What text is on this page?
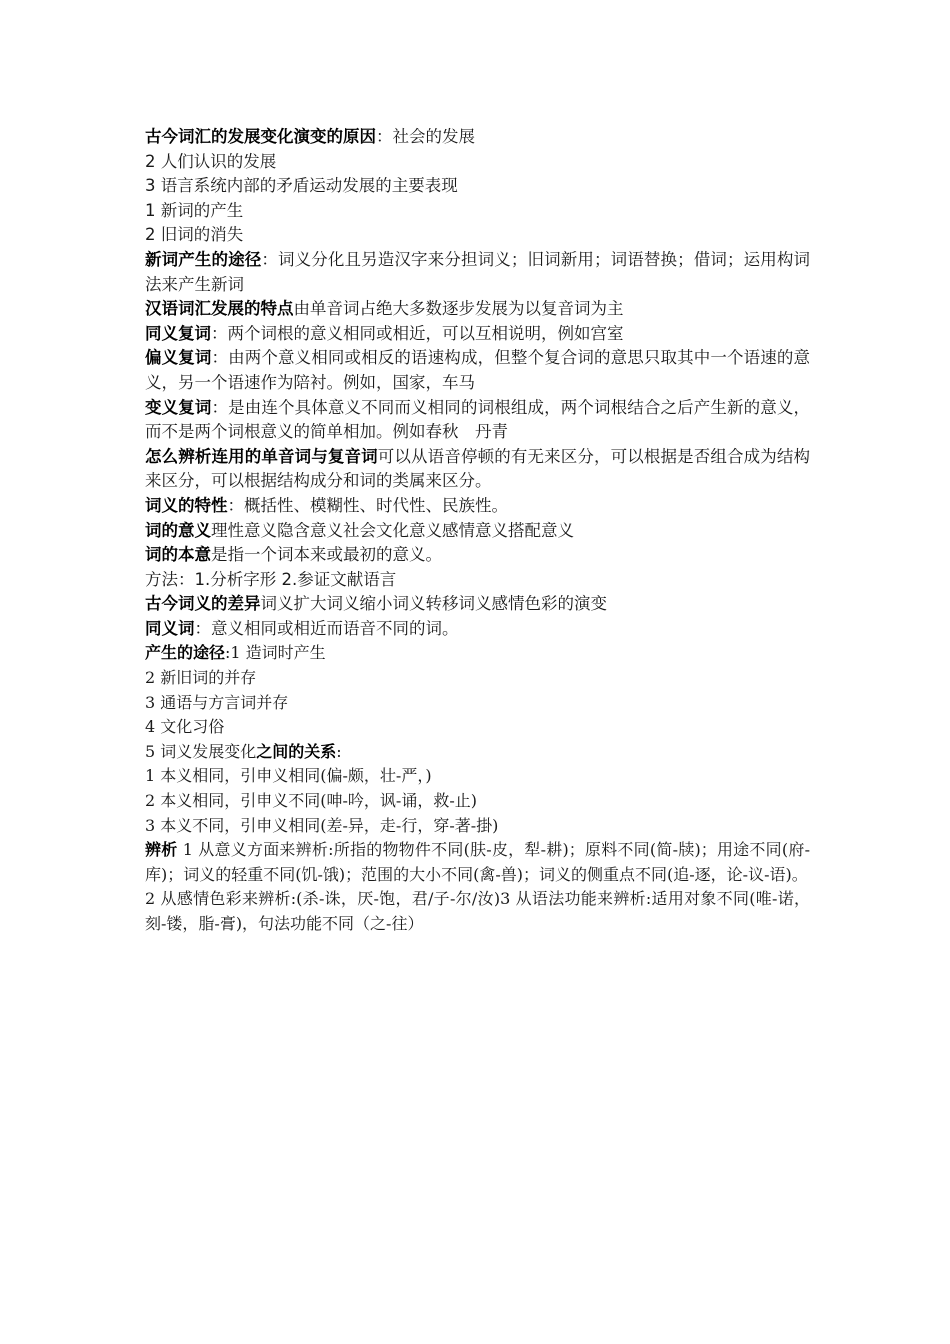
古今词汇的发展变化演变的原因：社会的发展

2 人们认识的发展

3 语言系统内部的矛盾运动发展的主要表现

1 新词的产生

2 旧词的消失

新词产生的途径：词义分化且另造汉字来分担词义；旧词新用；词语替换；借词；运用构词法来产生新词

汉语词汇发展的特点由单音词占绝大多数逐步发展为以复音词为主

同义复词：两个词根的意义相同或相近，可以互相说明，例如宫室

偏义复词：由两个意义相同或相反的语速构成，但整个复合词的意思只取其中一个语速的意义，另一个语速作为陪衬。例如，国家，车马

变义复词：是由连个具体意义不同而义相同的词根组成，两个词根结合之后产生新的意义，而不是两个词根意义的简单相加。例如春秋　丹青

怎么辨析连用的单音词与复音词可以从语音停顿的有无来区分，可以根据是否组合成为结构来区分，可以根据结构成分和词的类属来区分。

词义的特性：概括性、模糊性、时代性、民族性。

词的意义理性意义隐含意义社会文化意义感情意义搭配意义

词的本意是指一个词本来或最初的意义。

方法：1.分析字形 2.参证文献语言

古今词义的差异词义扩大词义缩小词义转移词义感情色彩的演变

同义词：意义相同或相近而语音不同的词。

产生的途径:1 造词时产生

2 新旧词的并存

3 通语与方言词并存

4 文化习俗

5 词义发展变化之间的关系:

1 本义相同，引申义相同(偏-颇，壮-严，)

2 本义相同，引申义不同(呻-吟，讽-诵，救-止)

3 本义不同，引申义相同(差-异，走-行，穿-著-掛)

辨析 1 从意义方面来辨析:所指的物物件不同(肤-皮，犁-耕)；原料不同(简-牍)；用途不同(府-库)；词义的轻重不同(饥-饿)；范围的大小不同(禽-兽)；词义的侧重点不同(追-逐，论-议-语)。

2 从感情色彩来辨析:(杀-诛，厌-饱，君/子-尔/汝)3 从语法功能来辨析:适用对象不同(唯-诺，刻-镂，脂-膏)，句法功能不同（之-往）
